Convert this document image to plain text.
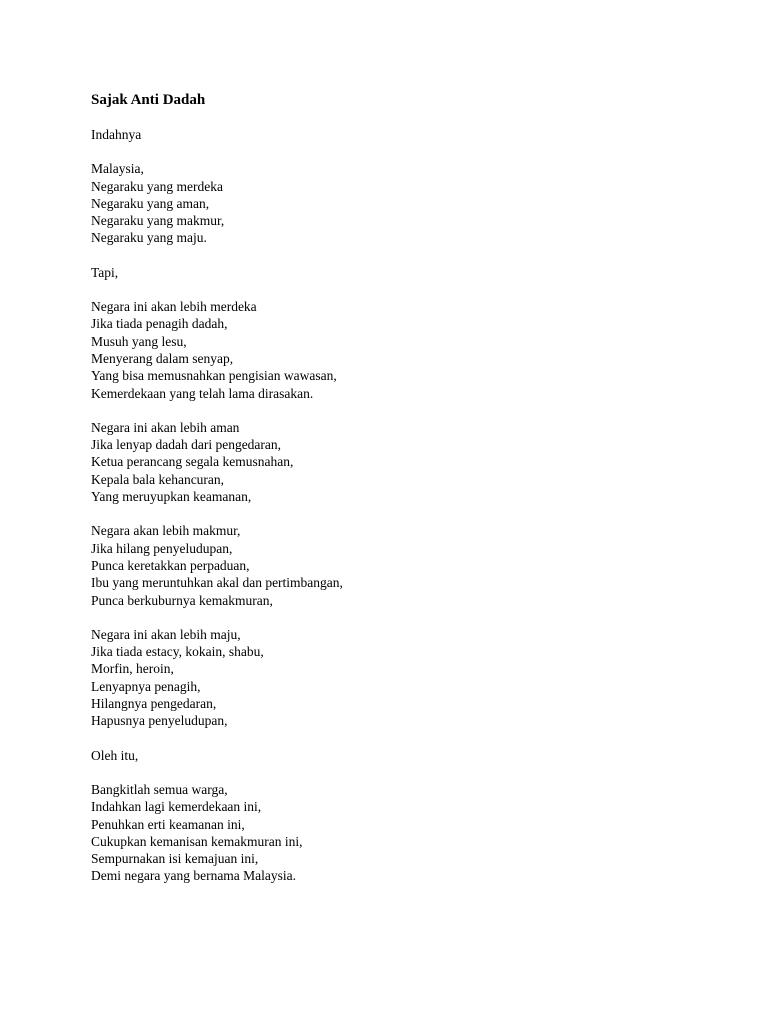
Sajak Anti Dadah
Indahnya
Malaysia,
Negaraku yang merdeka
Negaraku yang aman,
Negaraku yang makmur,
Negaraku yang maju.
Tapi,
Negara ini akan lebih merdeka
Jika tiada penagih dadah,
Musuh yang lesu,
Menyerang dalam senyap,
Yang bisa memusnahkan pengisian wawasan,
Kemerdekaan yang telah lama dirasakan.
Negara ini akan lebih aman
Jika lenyap dadah dari pengedaran,
Ketua perancang segala kemusnahan,
Kepala bala kehancuran,
Yang meruyupkan keamanan,
Negara akan lebih makmur,
Jika hilang penyeludupan,
Punca keretakkan perpaduan,
Ibu yang meruntuhkan akal dan pertimbangan,
Punca berkuburnya kemakmuran,
Negara ini akan lebih maju,
Jika tiada estacy, kokain, shabu,
Morfin, heroin,
Lenyapnya penagih,
Hilangnya pengedaran,
Hapusnya penyeludupan,
Oleh itu,
Bangkitlah semua warga,
Indahkan lagi kemerdekaan ini,
Penuhkan erti keamanan ini,
Cukupkan kemanisan kemakmuran ini,
Sempurnakan isi kemajuan ini,
Demi negara yang bernama Malaysia.
